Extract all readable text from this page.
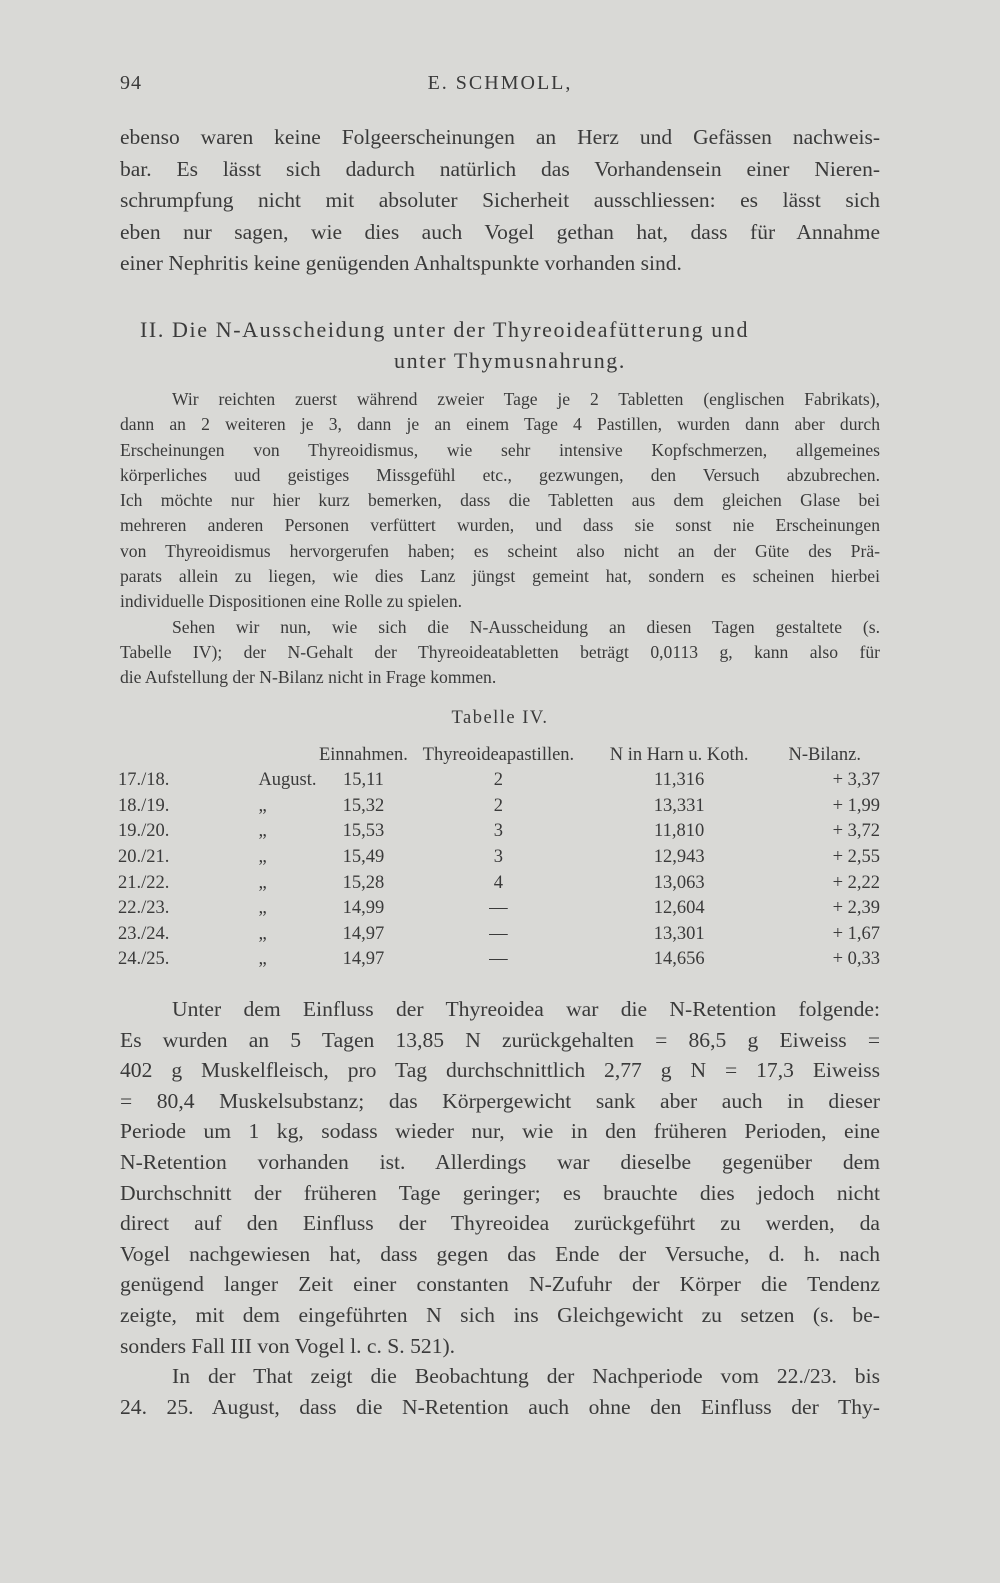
94	E. SCHMOLL,
ebenso waren keine Folgeerscheinungen an Herz und Gefässen nachweis-
bar. Es lässt sich dadurch natürlich das Vorhandensein einer Nieren-
schrumpfung nicht mit absoluter Sicherheit ausschliessen: es lässt sich
eben nur sagen, wie dies auch Vogel gethan hat, dass für Annahme
einer Nephritis keine genügenden Anhaltspunkte vorhanden sind.
II. Die N-Ausscheidung unter der Thyreoideafütterung und
unter Thymusnahrung.
Wir reichten zuerst während zweier Tage je 2 Tabletten (englischen Fabrikats),
dann an 2 weiteren je 3, dann je an einem Tage 4 Pastillen, wurden dann aber durch
Erscheinungen von Thyreoidismus, wie sehr intensive Kopfschmerzen, allgemeines
körperliches uud geistiges Missgefühl etc., gezwungen, den Versuch abzubrechen.
Ich möchte nur hier kurz bemerken, dass die Tabletten aus dem gleichen Glase bei
mehreren anderen Personen verfüttert wurden, und dass sie sonst nie Erscheinungen
von Thyreoidismus hervorgerufen haben; es scheint also nicht an der Güte des Prä-
parats allein zu liegen, wie dies Lanz jüngst gemeint hat, sondern es scheinen hierbei
individuelle Dispositionen eine Rolle zu spielen.
Sehen wir nun, wie sich die N-Ausscheidung an diesen Tagen gestaltete (s.
Tabelle IV); der N-Gehalt der Thyreoideatabletten beträgt 0,0113 g, kann also für
die Aufstellung der N-Bilanz nicht in Frage kommen.
Tabelle IV.
		Einnahmen.	Thyreoideapastillen.	N in Harn u. Koth.	N-Bilanz.
17./18.	August.	15,11	2	11,316	+ 3,37
18./19.	„	15,32	2	13,331	+ 1,99
19./20.	„	15,53	3	11,810	+ 3,72
20./21.	„	15,49	3	12,943	+ 2,55
21./22.	„	15,28	4	13,063	+ 2,22
22./23.	„	14,99	—	12,604	+ 2,39
23./24.	„	14,97	—	13,301	+ 1,67
24./25.	„	14,97	—	14,656	+ 0,33
Unter dem Einfluss der Thyreoidea war die N-Retention folgende:
Es wurden an 5 Tagen 13,85 N zurückgehalten = 86,5 g Eiweiss =
402 g Muskelfleisch, pro Tag durchschnittlich 2,77 g N = 17,3 Eiweiss
= 80,4 Muskelsubstanz; das Körpergewicht sank aber auch in dieser
Periode um 1 kg, sodass wieder nur, wie in den früheren Perioden, eine
N-Retention vorhanden ist. Allerdings war dieselbe gegenüber dem
Durchschnitt der früheren Tage geringer; es brauchte dies jedoch nicht
direct auf den Einfluss der Thyreoidea zurückgeführt zu werden, da
Vogel nachgewiesen hat, dass gegen das Ende der Versuche, d. h. nach
genügend langer Zeit einer constanten N-Zufuhr der Körper die Tendenz
zeigte, mit dem eingeführten N sich ins Gleichgewicht zu setzen (s. be-
sonders Fall III von Vogel l. c. S. 521).
In der That zeigt die Beobachtung der Nachperiode vom 22./23. bis
24. 25. August, dass die N-Retention auch ohne den Einfluss der Thy-
